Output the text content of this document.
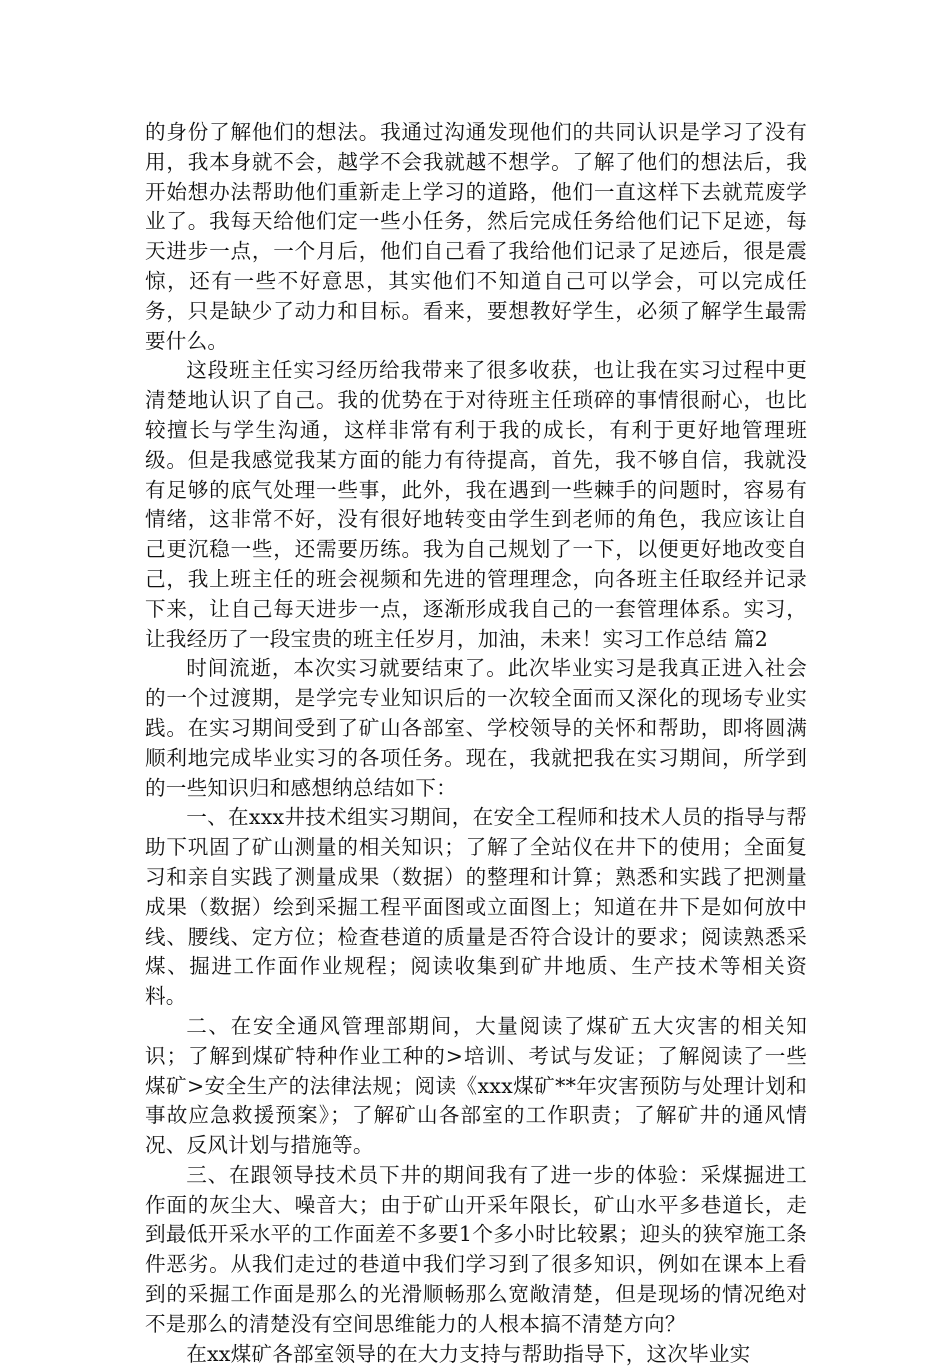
的身份了解他们的想法。我通过沟通发现他们的共同认识是学习了没有用，我本身就不会，越学不会我就越不想学。了解了他们的想法后，我开始想办法帮助他们重新走上学习的道路，他们一直这样下去就荒废学业了。我每天给他们定一些小任务，然后完成任务给他们记下足迹，每天进步一点，一个月后，他们自己看了我给他们记录了足迹后，很是震惊，还有一些不好意思，其实他们不知道自己可以学会，可以完成任务，只是缺少了动力和目标。看来，要想教好学生，必须了解学生最需要什么。

这段班主任实习经历给我带来了很多收获，也让我在实习过程中更清楚地认识了自己。我的优势在于对待班主任琐碎的事情很耐心，也比较擅长与学生沟通，这样非常有利于我的成长，有利于更好地管理班级。但是我感觉我某方面的能力有待提高，首先，我不够自信，我就没有足够的底气处理一些事，此外，我在遇到一些棘手的问题时，容易有情绪，这非常不好，没有很好地转变由学生到老师的角色，我应该让自己更沉稳一些，还需要历练。我为自己规划了一下，以便更好地改变自己，我上班主任的班会视频和先进的管理理念，向各班主任取经并记录下来，让自己每天进步一点，逐渐形成我自己的一套管理体系。实习，让我经历了一段宝贵的班主任岁月，加油，未来！实习工作总结 篇2

时间流逝，本次实习就要结束了。此次毕业实习是我真正进入社会的一个过渡期，是学完专业知识后的一次较全面而又深化的现场专业实践。在实习期间受到了矿山各部室、学校领导的关怀和帮助，即将圆满顺利地完成毕业实习的各项任务。现在，我就把我在实习期间，所学到的一些知识归和感想纳总结如下：

一、在xxx井技术组实习期间，在安全工程师和技术人员的指导与帮助下巩固了矿山测量的相关知识；了解了全站仪在井下的使用；全面复习和亲自实践了测量成果（数据）的整理和计算；熟悉和实践了把测量成果（数据）绘到采掘工程平面图或立面图上；知道在井下是如何放中线、腰线、定方位；检查巷道的质量是否符合设计的要求；阅读熟悉采煤、掘进工作面作业规程；阅读收集到矿井地质、生产技术等相关资料。

二、在安全通风管理部期间，大量阅读了煤矿五大灾害的相关知识；了解到煤矿特种作业工种的>培训、考试与发证；了解阅读了一些煤矿>安全生产的法律法规；阅读《xxx煤矿**年灾害预防与处理计划和事故应急救援预案》；了解矿山各部室的工作职责；了解矿井的通风情况、反风计划与措施等。

三、在跟领导技术员下井的期间我有了进一步的体验：采煤掘进工作面的灰尘大、噪音大；由于矿山开采年限长，矿山水平多巷道长，走到最低开采水平的工作面差不多要1个多小时比较累；迎头的狭窄施工条件恶劣。从我们走过的巷道中我们学习到了很多知识，例如在课本上看到的采掘工作面是那么的光滑顺畅那么宽敞清楚，但是现场的情况绝对不是那么的清楚没有空间思维能力的人根本搞不清楚方向？

在xx煤矿各部室领导的在大力支持与帮助指导下，这次毕业实
